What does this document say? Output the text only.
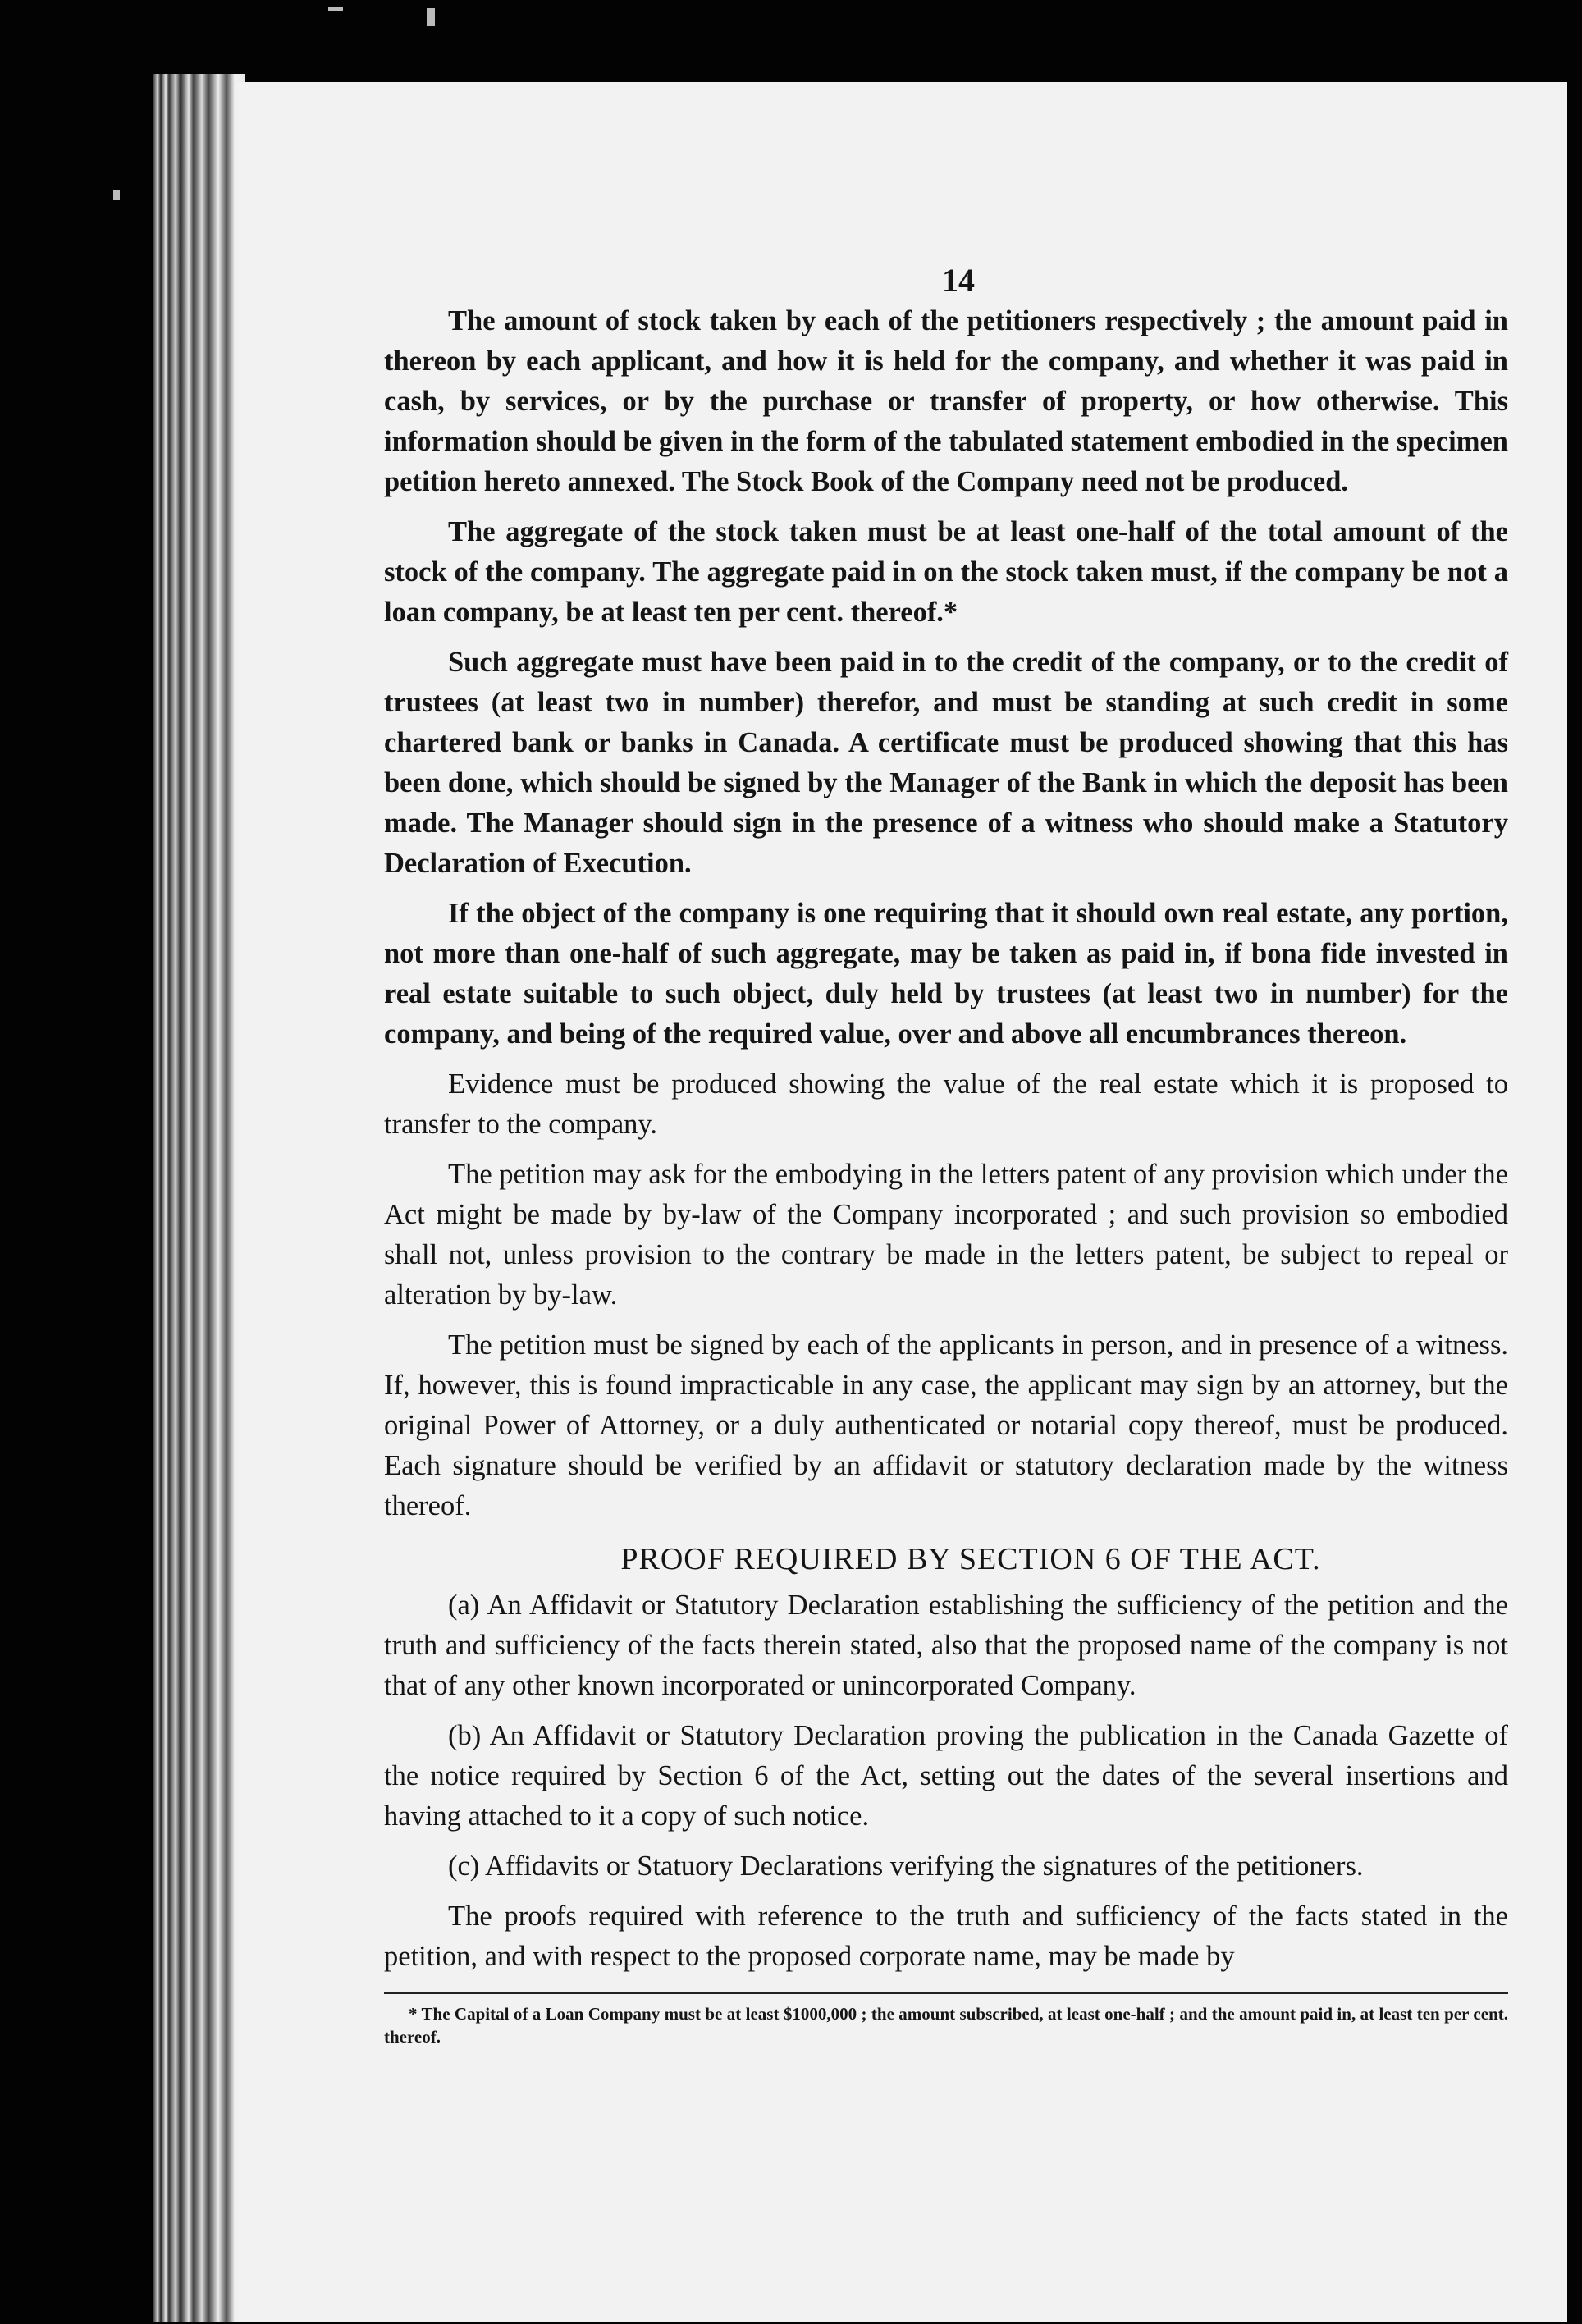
14

The amount of stock taken by each of the petitioners respectively ; the amount paid in thereon by each applicant, and how it is held for the company, and whether it was paid in cash, by services, or by the purchase or transfer of property, or how otherwise. This information should be given in the form of the tabulated statement embodied in the specimen petition hereto annexed. The Stock Book of the Company need not be produced.

The aggregate of the stock taken must be at least one-half of the total amount of the stock of the company. The aggregate paid in on the stock taken must, if the company be not a loan company, be at least ten per cent. thereof.*

Such aggregate must have been paid in to the credit of the company, or to the credit of trustees (at least two in number) therefor, and must be standing at such credit in some chartered bank or banks in Canada. A certificate must be produced showing that this has been done, which should be signed by the Manager of the Bank in which the deposit has been made. The Manager should sign in the presence of a witness who should make a Statutory Declaration of Execution.

If the object of the company is one requiring that it should own real estate, any portion, not more than one-half of such aggregate, may be taken as paid in, if bona fide invested in real estate suitable to such object, duly held by trustees (at least two in number) for the company, and being of the required value, over and above all encumbrances thereon.

Evidence must be produced showing the value of the real estate which it is proposed to transfer to the company.

The petition may ask for the embodying in the letters patent of any provision which under the Act might be made by by-law of the Company incorporated ; and such provision so embodied shall not, unless provision to the contrary be made in the letters patent, be subject to repeal or alteration by by-law.

The petition must be signed by each of the applicants in person, and in presence of a witness. If, however, this is found impracticable in any case, the applicant may sign by an attorney, but the original Power of Attorney, or a duly authenticated or notarial copy thereof, must be produced. Each signature should be verified by an affidavit or statutory declaration made by the witness thereof.

PROOF REQUIRED BY SECTION 6 OF THE ACT.

(a) An Affidavit or Statutory Declaration establishing the sufficiency of the petition and the truth and sufficiency of the facts therein stated, also that the proposed name of the company is not that of any other known incorporated or unincorporated Company.

(b) An Affidavit or Statutory Declaration proving the publication in the Canada Gazette of the notice required by Section 6 of the Act, setting out the dates of the several insertions and having attached to it a copy of such notice.

(c) Affidavits or Statuory Declarations verifying the signatures of the petitioners.

The proofs required with reference to the truth and sufficiency of the facts stated in the petition, and with respect to the proposed corporate name, may be made by

* The Capital of a Loan Company must be at least $1000,000 ; the amount subscribed, at least one-half ; and the amount paid in, at least ten per cent. thereof.
